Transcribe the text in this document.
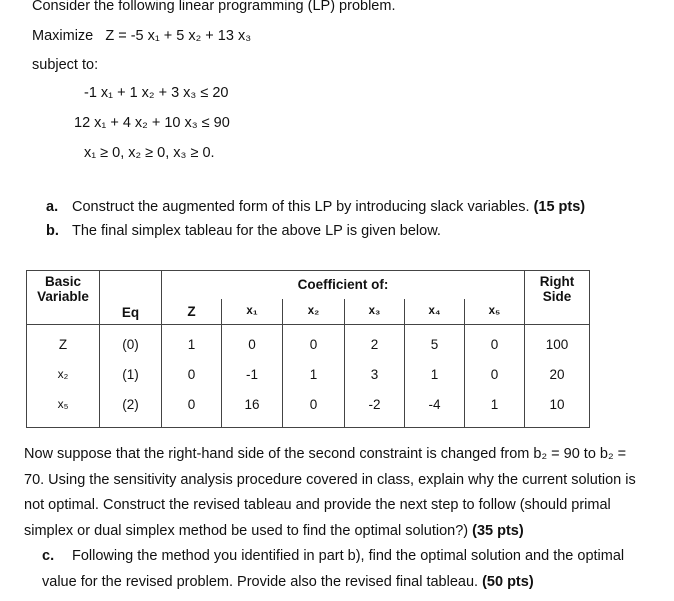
Consider the following linear programming (LP) problem.
Maximize Z = -5 x₁ + 5 x₂ + 13 x₃
subject to:
-1 x₁ + 1 x₂ + 3 x₃ ≤ 20
12 x₁ + 4 x₂ + 10 x₃ ≤ 90
x₁ ≥ 0, x₂ ≥ 0, x₃ ≥ 0.
a. Construct the augmented form of this LP by introducing slack variables. (15 pts)
b. The final simplex tableau for the above LP is given below.
Basic Variable	Eq	Coefficient of:						Right Side
		Z	x₁	x₂	x₃	x₄	x₅	
Z	(0)	1	0	0	2	5	0	100
x₂	(1)	0	-1	1	3	1	0	20
x₅	(2)	0	16	0	-2	-4	1	10
Now suppose that the right-hand side of the second constraint is changed from b₂ = 90 to b₂ = 70. Using the sensitivity analysis procedure covered in class, explain why the current solution is not optimal. Construct the revised tableau and provide the next step to follow (should primal simplex or dual simplex method be used to find the optimal solution?) (35 pts)
c. Following the method you identified in part b), find the optimal solution and the optimal value for the revised problem. Provide also the revised final tableau. (50 pts)
